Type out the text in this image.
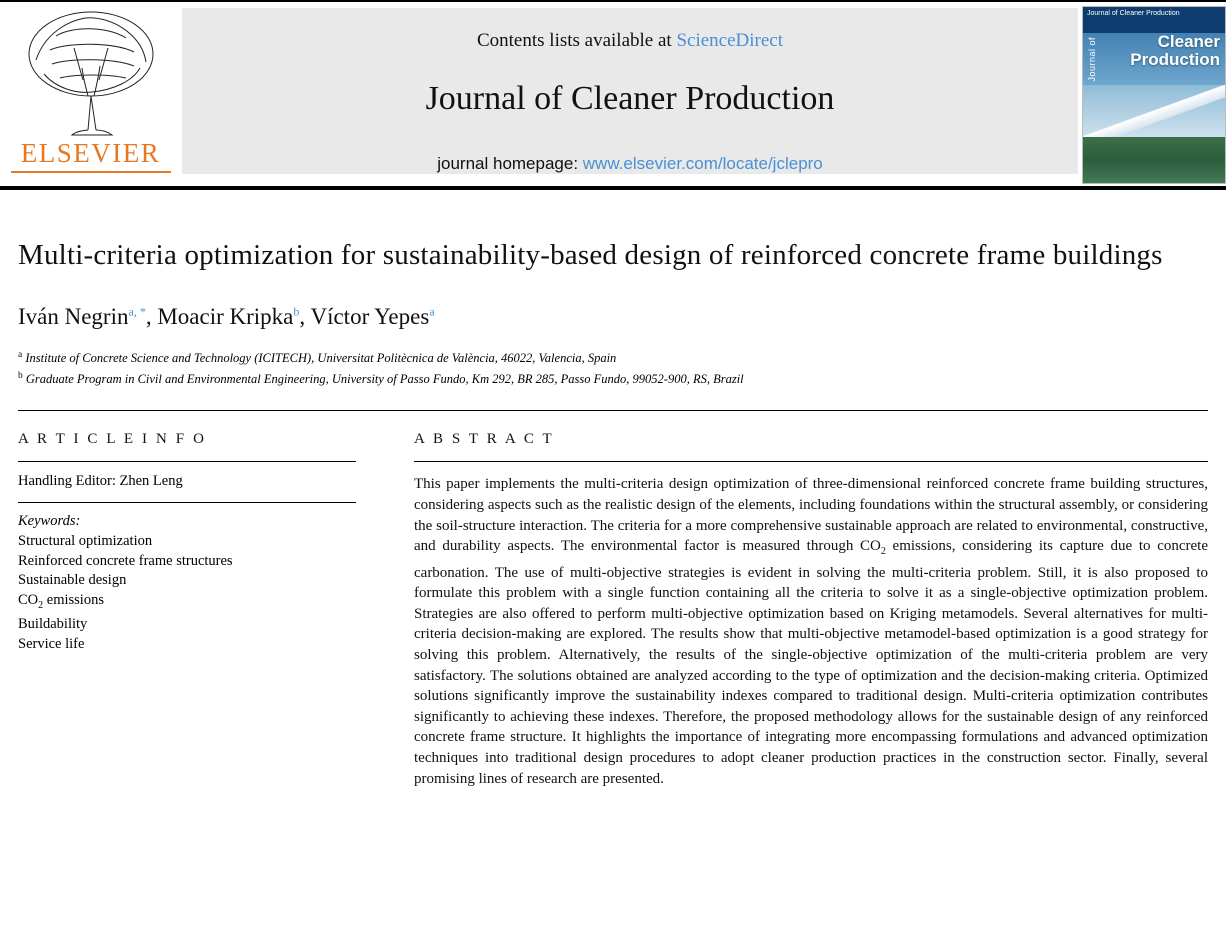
ELSEVIER
Contents lists available at ScienceDirect
Journal of Cleaner Production
journal homepage: www.elsevier.com/locate/jclepro
Journal of Cleaner Production
Journal of	Cleaner
Production
Multi-criteria optimization for sustainability-based design of reinforced concrete frame buildings
Iván Negrin$^{a, *}$, Moacir Kripka$^b$, Víctor Yepes$^a$
$^a$ Institute of Concrete Science and Technology (ICITECH), Universitat Politècnica de València, 46022, Valencia, Spain
$^b$ Graduate Program in Civil and Environmental Engineering, University of Passo Fundo, Km 292, BR 285, Passo Fundo, 99052-900, RS, Brazil
A R T I C L E I N F O
Handling Editor: Zhen Leng
Keywords:
Structural optimization
Reinforced concrete frame structures
Sustainable design
$CO_2$ emissions
Buildability
Service life
A B S T R A C T
This paper implements the multi-criteria design optimization of three-dimensional reinforced concrete frame building structures, considering aspects such as the realistic design of the elements, including foundations within the structural assembly, or considering the soil-structure interaction. The criteria for a more comprehensive sustainable approach are related to environmental, constructive, and durability aspects. The environmental factor is measured through $CO_2$ emissions, considering its capture due to concrete carbonation. The use of multi-objective strategies is evident in solving the multi-criteria problem. Still, it is also proposed to formulate this problem with a single function containing all the criteria to solve it as a single-objective optimization problem. Strategies are also offered to perform multi-objective optimization based on Kriging metamodels. Several alternatives for multi-criteria decision-making are explored. The results show that multi-objective metamodel-based optimization is a good strategy for solving this problem. Alternatively, the results of the single-objective optimization of the multi-criteria problem are very satisfactory. The solutions obtained are analyzed according to the type of optimization and the decision-making criteria. Optimized solutions significantly improve the sustainability indexes compared to traditional design. Multi-criteria optimization contributes significantly to achieving these indexes. Therefore, the proposed methodology allows for the sustainable design of any reinforced concrete frame structure. It highlights the importance of integrating more encompassing formulations and advanced optimization techniques into traditional design procedures to adopt cleaner production practices in the construction sector. Finally, several promising lines of research are presented.
